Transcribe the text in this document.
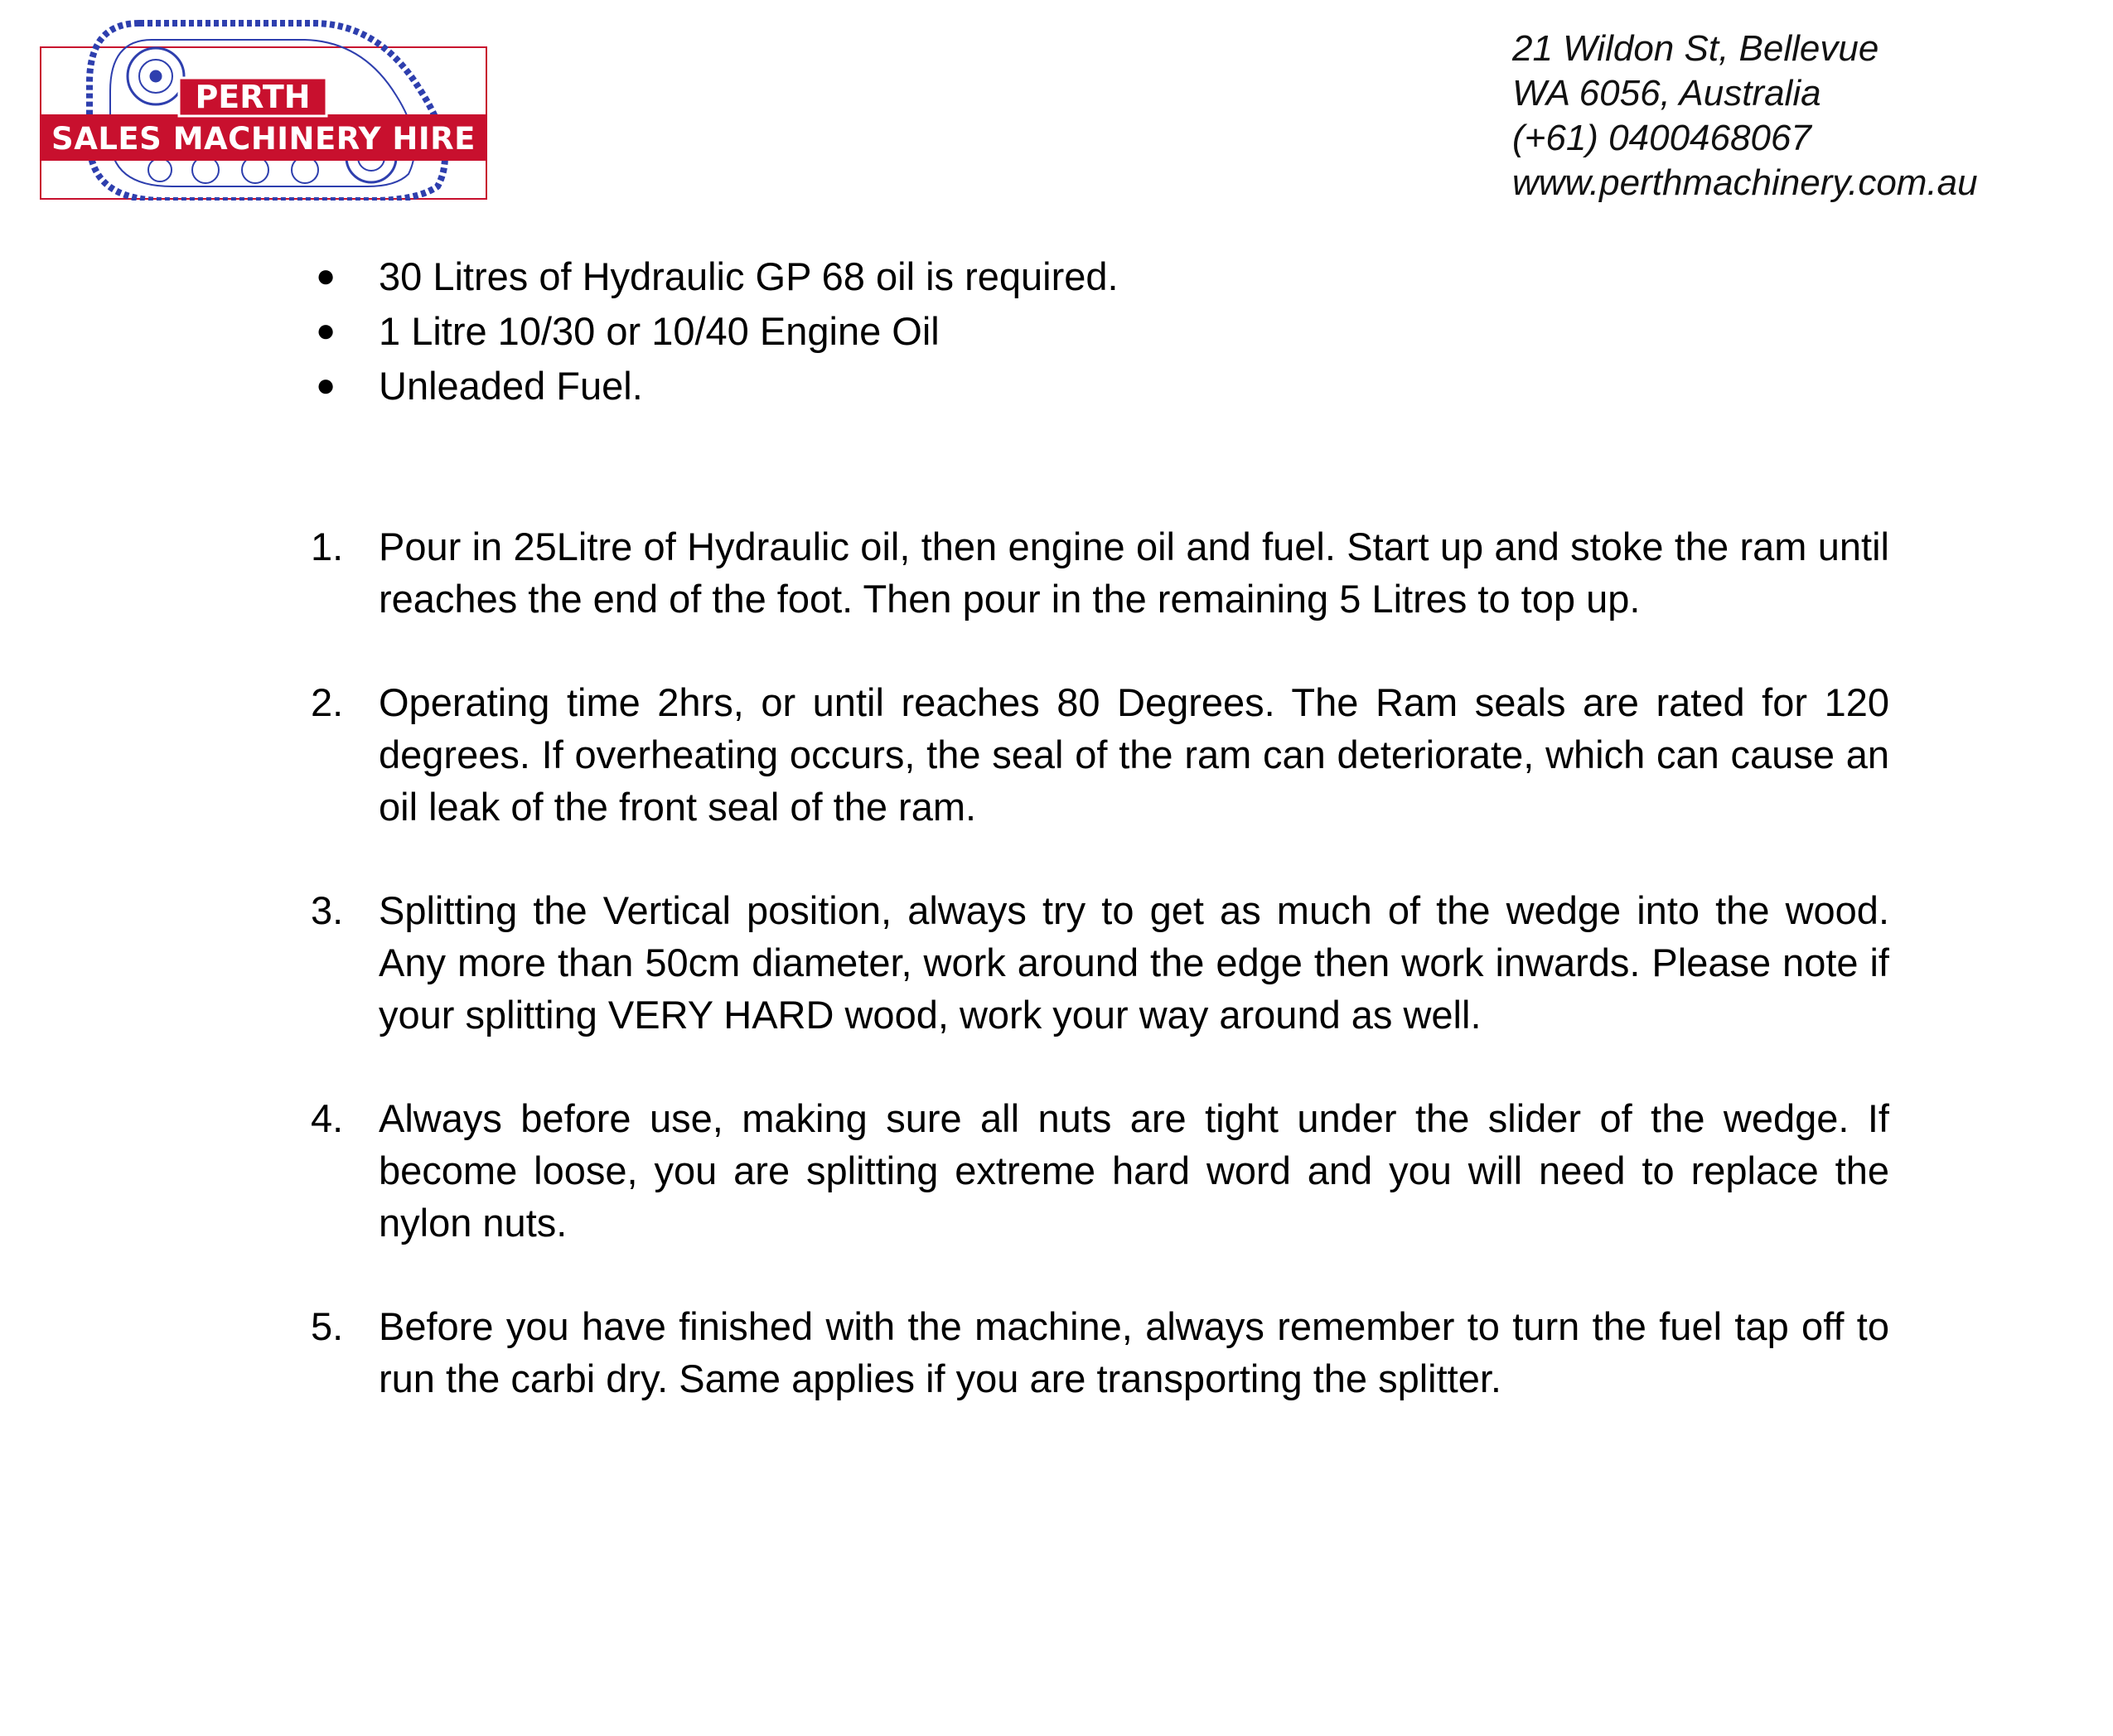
PERTH
SALES MACHINERY HIRE
21 Wildon St, Bellevue
WA 6056, Australia
(+61) 0400468067
www.perthmachinery.com.au
● 30 Litres of Hydraulic GP 68 oil is required.
● 1 Litre 10/30 or 10/40 Engine Oil
● Unleaded Fuel.
1. Pour in 25Litre of Hydraulic oil, then engine oil and fuel. Start up and stoke the ram until reaches the end of the foot. Then pour in the remaining 5 Litres to top up.
2. Operating time 2hrs, or until reaches 80 Degrees. The Ram seals are rated for 120 degrees. If overheating occurs, the seal of the ram can deteriorate, which can cause an oil leak of the front seal of the ram.
3. Splitting the Vertical position, always try to get as much of the wedge into the wood. Any more than 50cm diameter, work around the edge then work inwards. Please note if your splitting VERY HARD wood, work your way around as well.
4. Always before use, making sure all nuts are tight under the slider of the wedge. If become loose, you are splitting extreme hard word and you will need to replace the nylon nuts.
5. Before you have finished with the machine, always remember to turn the fuel tap off to run the carbi dry. Same applies if you are transporting the splitter.
